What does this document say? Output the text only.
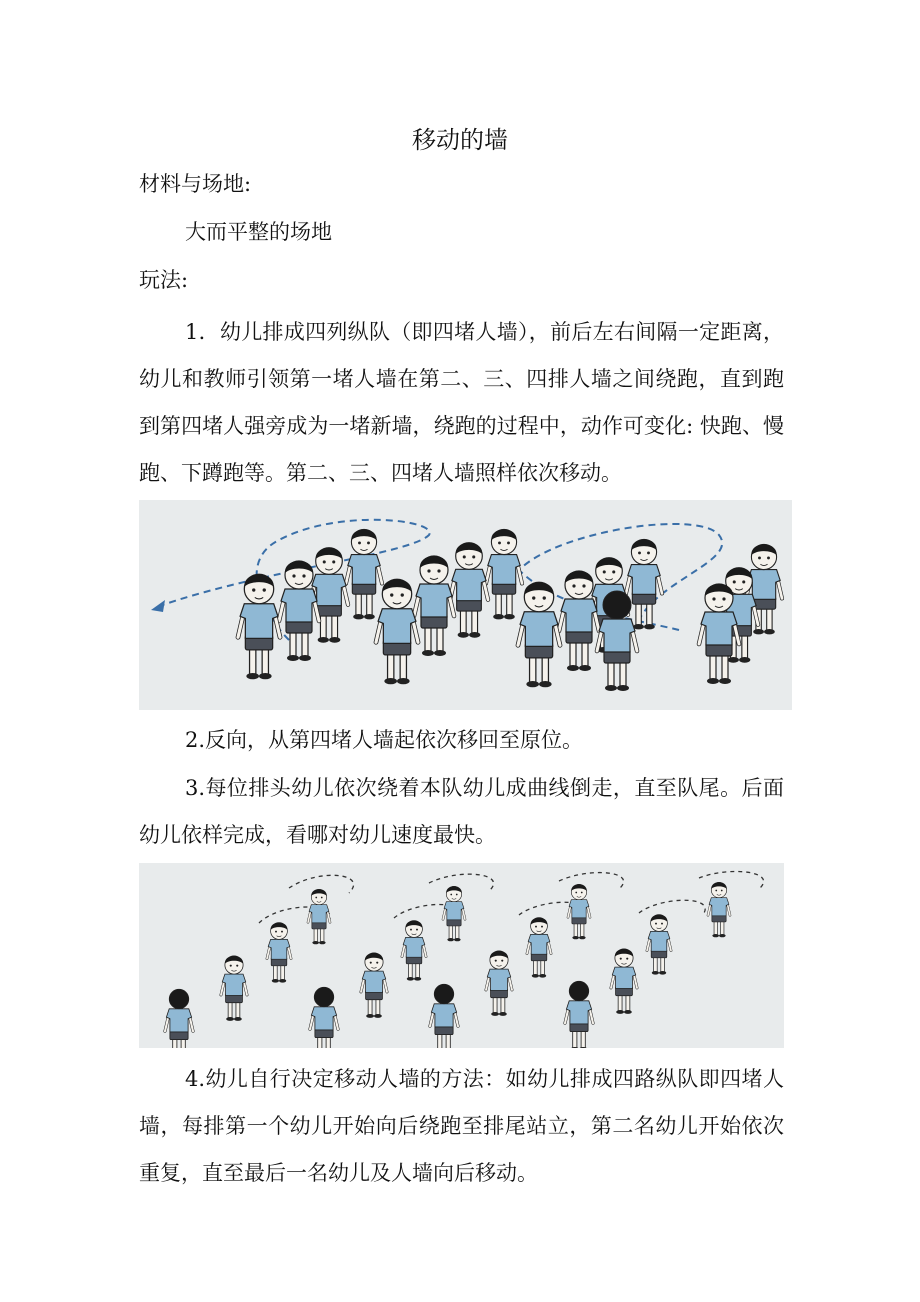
移动的墙
材料与场地:
大而平整的场地
玩法:
1．幼儿排成四列纵队（即四堵人墙），前后左右间隔一定距离，幼儿和教师引领第一堵人墙在第二、三、四排人墙之间绕跑，直到跑到第四堵人强旁成为一堵新墙，绕跑的过程中，动作可变化: 快跑、慢跑、下蹲跑等。第二、三、四堵人墙照样依次移动。
2.反向，从第四堵人墙起依次移回至原位。
3.每位排头幼儿依次绕着本队幼儿成曲线倒走，直至队尾。后面幼儿依样完成，看哪对幼儿速度最快。
4.幼儿自行决定移动人墙的方法：如幼儿排成四路纵队即四堵人墙，每排第一个幼儿开始向后绕跑至排尾站立，第二名幼儿开始依次重复，直至最后一名幼儿及人墙向后移动。
